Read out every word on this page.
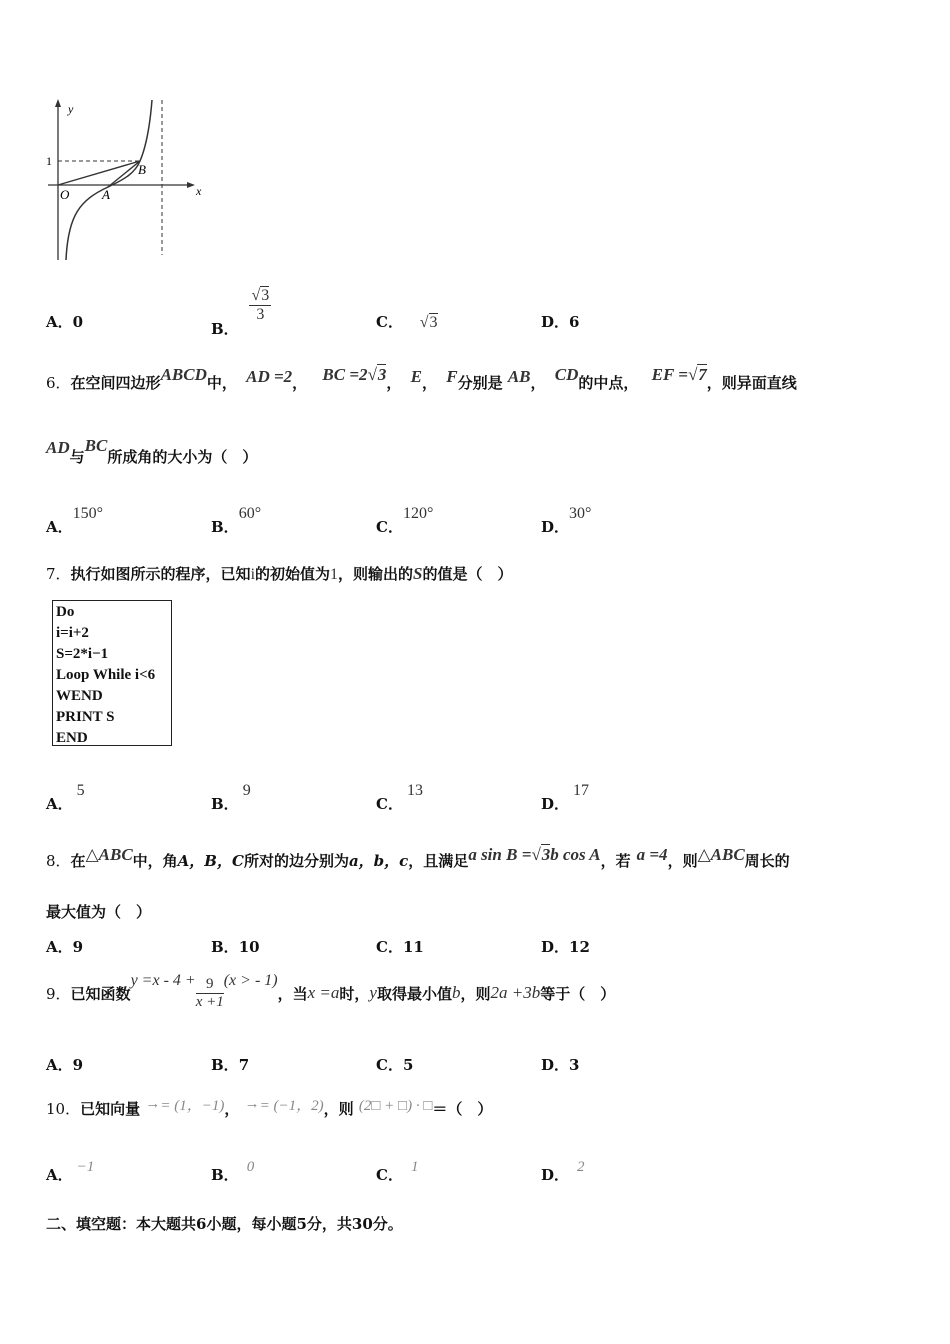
y
x
1
O	A
B
A．0	B．
$\frac{√3}{3}$	C． √3	D．6
6．在空间四边形ABCD中， AD =2， BC =2√3， E， F分别是 AB， CD的中点， EF =√7，则异面直线
AD与BC所成角的大小为（　）
A．150°
B．60°
C．120°
D．30°
7．执行如图所示的程序，已知i的初始值为1，则输出的S的值是（　）
Do
i=i+2
S=2*i−1
Loop While i<6
WEND
PRINT S
END
A．5
B．9
C．13
D．17
8．在△ABC中，角A，B，C所对的边分别为a，b，c，且满足a sin B =√3b cos A，若 a =4，则△ABC周长的
最大值为（　）
A．9	B．10	C．11	D．12
9． 已知函数
$y =x - 4 + \frac{9}{x +1} (x$ > - 1)
，当 x =a 时， y 取得最小值 b ，则 2a +3b 等于（　）
A．9	B．7	C．5	D．3
10．已知向量 →= (1，−1)， →= (−1，2)，则 (2□ + □) · □＝（　）
A． −1	B． 0	C． 1	D． 2
二、填空题：本大题共6小题，每小题5分，共30分。
